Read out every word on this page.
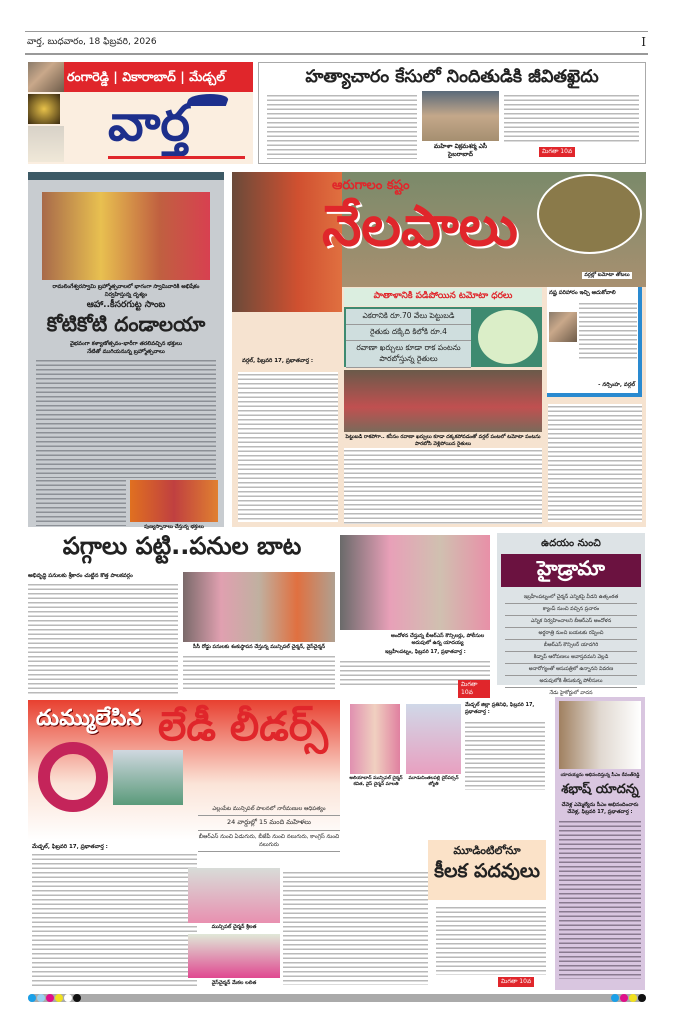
వార్త, బుధవారం, 18 ఫిబ్రవరి, 2026	I
రంగారెడ్డి | వికారాబాద్ | మేడ్చల్
వార్త
హత్యాచారం కేసులో నిందితుడికి జీవితఖైదు
మహిళా విక్రమశర్మ ఎసీ సైబరాబాద్	మిగతా 10వ
రామలింగేశ్వరస్వామి బ్రహ్మోత్సవాలలో భాగంగా స్వామివారికి అభిషేకం నిర్వహిస్తున్న దృశ్యం
ఆహా..కీసరగుట్ట సాంబ
కోటికోటి దండాలయా
వైభవంగా కళ్యాణోత్సవం-భారీగా తరలివచ్చిన భక్తులు
నేటితో ముగియనున్న బ్రహ్మోత్సవాలు
పుణ్యస్నానాలు చేస్తున్న భక్తులు
వర్గల్లో టమోటా తోటలు
ఆరుగాలం కష్టం
నేలపాలు
పాతాళానికి పడిపోయిన టమోటా ధరలు
ఎకరానికి రూ.70 వేలు పెట్టుబడి
రైతుకు దక్కేది కిలోకి రూ.4
రవాణా ఖర్చులు కూడా రాక పంటను పారబోస్తున్న రైతులు
పెట్టుబడి రాకపోగా.. కనీసం రవాణా ఖర్చులు కూడా దక్కకపోవడంతో వర్గల్ పంటలో టమోటా పంటను పారబోసి వెళ్లిపోయిన రైతులు
వర్గల్, ఫిబ్రవరి 17, ప్రభాతవార్త :
నష్ట పరిహారం ఇచ్చి ఆదుకోవాలి
- నర్సింహ, వర్గల్
పగ్గాలు పట్టి..పనుల బాట
అభివృద్ధి పనులకు శ్రీకారం చుట్టిన కొత్త పాలకవర్గం
సీసీ రోడ్డు పనులకు శంకుస్థాపన చేస్తున్న మున్సిపల్ చైర్మన్, వైస్‌చైర్మన్
ఆందోళన చేస్తున్న బీఆర్ఎస్ కౌన్సిలర్లు, పోలీసుల అదుపులో ఉన్న యాదయ్య
ఇబ్రహీంపట్నం, ఫిబ్రవరి 17, ప్రభాతవార్త :
మిగతా 10వ
ఉదయం నుంచి
హైడ్రామా
ఇబ్రహీంపట్నంలో చైర్మన్ ఎన్నికపై వీడని ఉత్కంఠత
క్యాంప్ నుంచి వచ్చిన ప్రచారం
ఎన్నిక నిర్వహించాలని బీఆర్ఎస్ ఆందోళన
అర్ధరాత్రి నుంచి బయటకు రప్పించి
బీఆర్ఎస్ కౌన్సిలర్ యాదగిరి
కిడ్నాప్ ఆరోపణలు అవాస్తవమని వెల్లడి
అనారోగ్యంతో ఆసుపత్రిలో ఉన్నానని వివరణ
అదుపులోకి తీసుకున్న పోలీసులు
నేడు హైకోర్టులో వాదన
దుమ్ములేపిన లేడీ లీడర్స్
మేడ్చల్, ఫిబ్రవరి 17, ప్రభాతవార్త :
ఎల్లంపేట మున్సిపల్ పాలనలో నారీమణుల ఆధిపత్యం
24 వార్డుల్లో 15 మంది మహిళలు
బీఆర్ఎస్ నుంచి ఏడుగురు, బీజేపీ నుంచి నలుగురు, కాంగ్రెస్ నుంచి నలుగురు
మున్సిపల్ చైర్మన్ శ్రీలత
వైస్‌చైర్మన్ మేకల లలిత
అలియాబాద్ మున్సిపల్ చైర్మన్ కవిత, వైస్ చైర్మన్ మాలతి
మూడుచింతలపల్లి చైర్‌పర్సన్ జ్యోతి
మేడ్చల్ జిల్లా ప్రతినిధి, ఫిబ్రవరి 17, ప్రభాతవార్త :
మూడింటిలోనూ
కీలక పదవులు
మిగతా 10వ
యాదయ్యను అభినందిస్తున్న సీఎం రేవంత్‌రెడ్డి
శభాష్ యాదన్న
చేవెళ్ల ఎమ్మెల్యేను సీఎం అభినందించారు
చేవెళ్ల, ఫిబ్రవరి 17, ప్రభాతవార్త :
